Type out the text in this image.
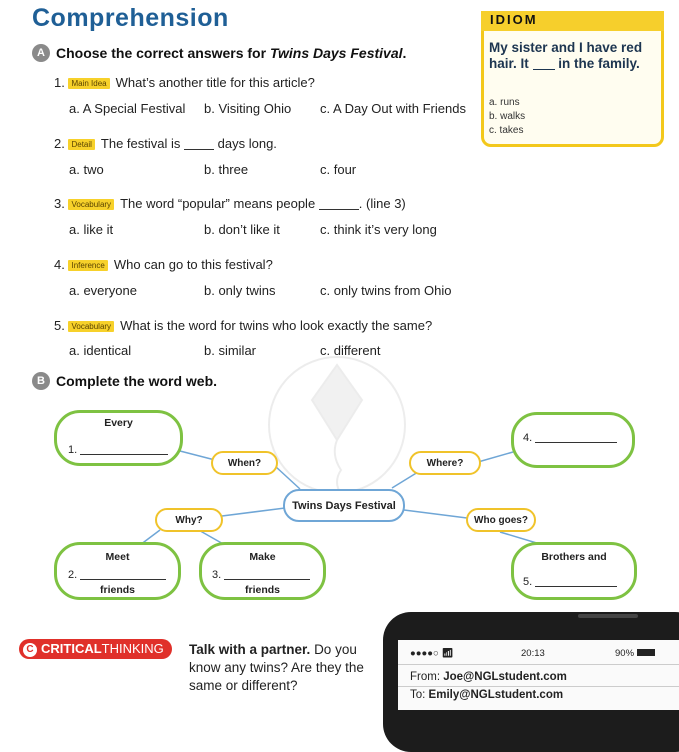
Comprehension
A Choose the correct answers for Twins Days Festival.
1. Main Idea What’s another title for this article?
a. A Special Festival b. Visiting Ohio c. A Day Out with Friends
2. Detail The festival is	days long.
a. two	b. three	c. four
3. Vocabulary The word “popular” means people	. (line 3)
a. like it	b. don’t like it	c. think it’s very long
4. Inference Who can go to this festival?
a. everyone	b. only twins	c. only twins from Ohio
5. Vocabulary What is the word for twins who look exactly the same?
a. identical	b. similar	c. different
IDIOM
My sister and I have red hair. It in the family.
a. runs
b. walks
c. takes
B Complete the word web.
Every
1.
4.
Meet
2.
friends
Make
3.
friends
Brothers and
5.
When?	Where?
Why?	Who goes?
Twins Days Festival
C CRITICALTHINKING	Talk with a partner. Do you know any twins? Are they the same or different?
●●●●○ 📶︎	20:13	90%
From: Joe@NGLstudent.com
To: Emily@NGLstudent.com
